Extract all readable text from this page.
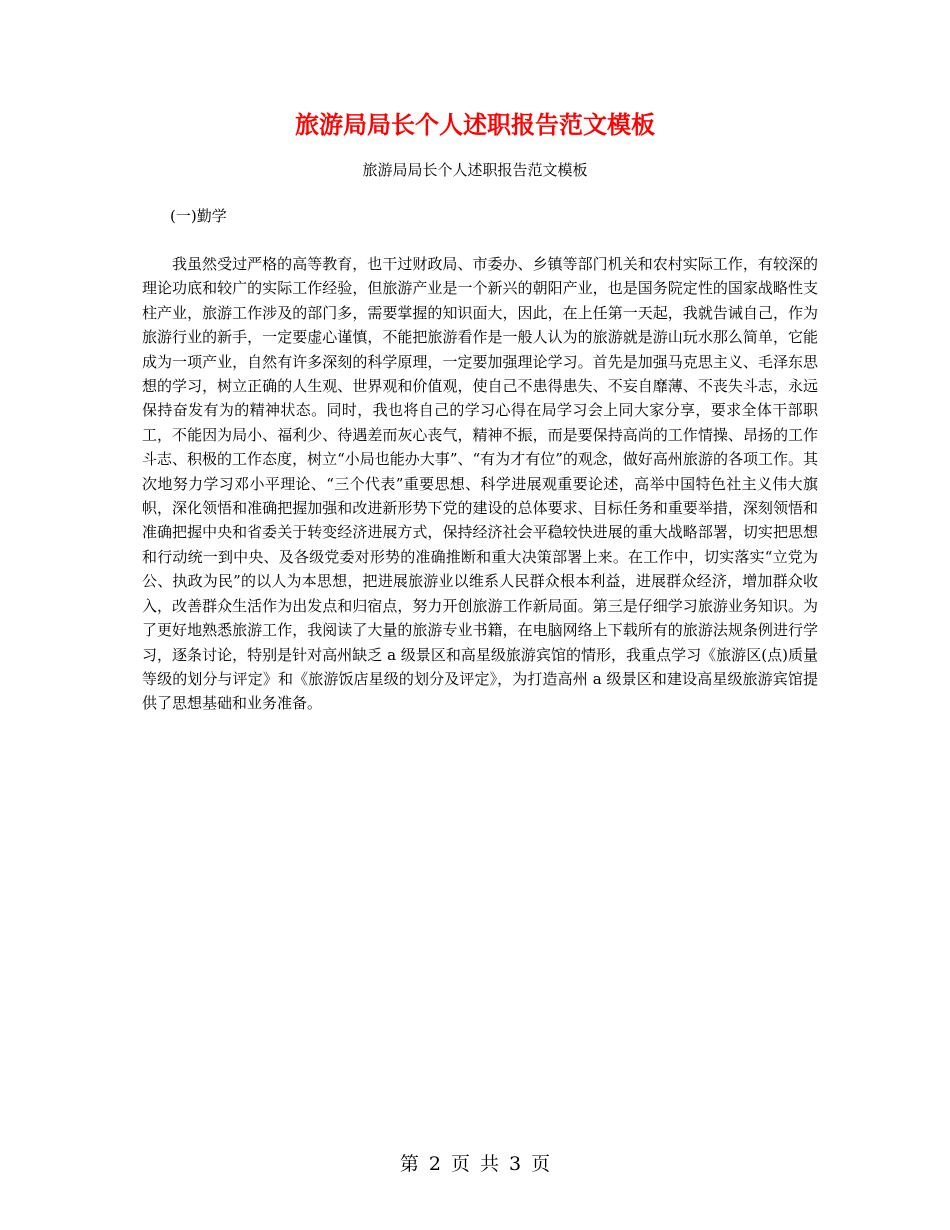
旅游局局长个人述职报告范文模板

旅游局局长个人述职报告范文模板

(一)勤学

我虽然受过严格的高等教育，也干过财政局、市委办、乡镇等部门机关和农村实际工作，有较深的理论功底和较广的实际工作经验，但旅游产业是一个新兴的朝阳产业，也是国务院定性的国家战略性支柱产业，旅游工作涉及的部门多，需要掌握的知识面大，因此，在上任第一天起，我就告诫自己，作为旅游行业的新手，一定要虚心谨慎，不能把旅游看作是一般人认为的旅游就是游山玩水那么简单，它能成为一项产业，自然有许多深刻的科学原理，一定要加强理论学习。首先是加强马克思主义、毛泽东思想的学习，树立正确的人生观、世界观和价值观，使自己不患得患失、不妄自靡薄、不丧失斗志，永远保持奋发有为的精神状态。同时，我也将自己的学习心得在局学习会上同大家分享，要求全体干部职工，不能因为局小、福利少、待遇差而灰心丧气，精神不振，而是要保持高尚的工作情操、昂扬的工作斗志、积极的工作态度，树立“小局也能办大事”、“有为才有位”的观念，做好高州旅游的各项工作。其次地努力学习邓小平理论、“三个代表”重要思想、科学进展观重要论述，高举中国特色社主义伟大旗帜，深化领悟和准确把握加强和改进新形势下党的建设的总体要求、目标任务和重要举措，深刻领悟和准确把握中央和省委关于转变经济进展方式，保持经济社会平稳较快进展的重大战略部署，切实把思想和行动统一到中央、及各级党委对形势的准确推断和重大决策部署上来。在工作中，切实落实“立党为公、执政为民”的以人为本思想，把进展旅游业以维系人民群众根本利益，进展群众经济，增加群众收入，改善群众生活作为出发点和归宿点，努力开创旅游工作新局面。第三是仔细学习旅游业务知识。为了更好地熟悉旅游工作，我阅读了大量的旅游专业书籍，在电脑网络上下载所有的旅游法规条例进行学习，逐条讨论，特别是针对高州缺乏 a 级景区和高星级旅游宾馆的情形，我重点学习《旅游区(点)质量等级的划分与评定》和《旅游饭店星级的划分及评定》，为打造高州 a 级景区和建设高星级旅游宾馆提供了思想基础和业务准备。

第 2 页 共 3 页
